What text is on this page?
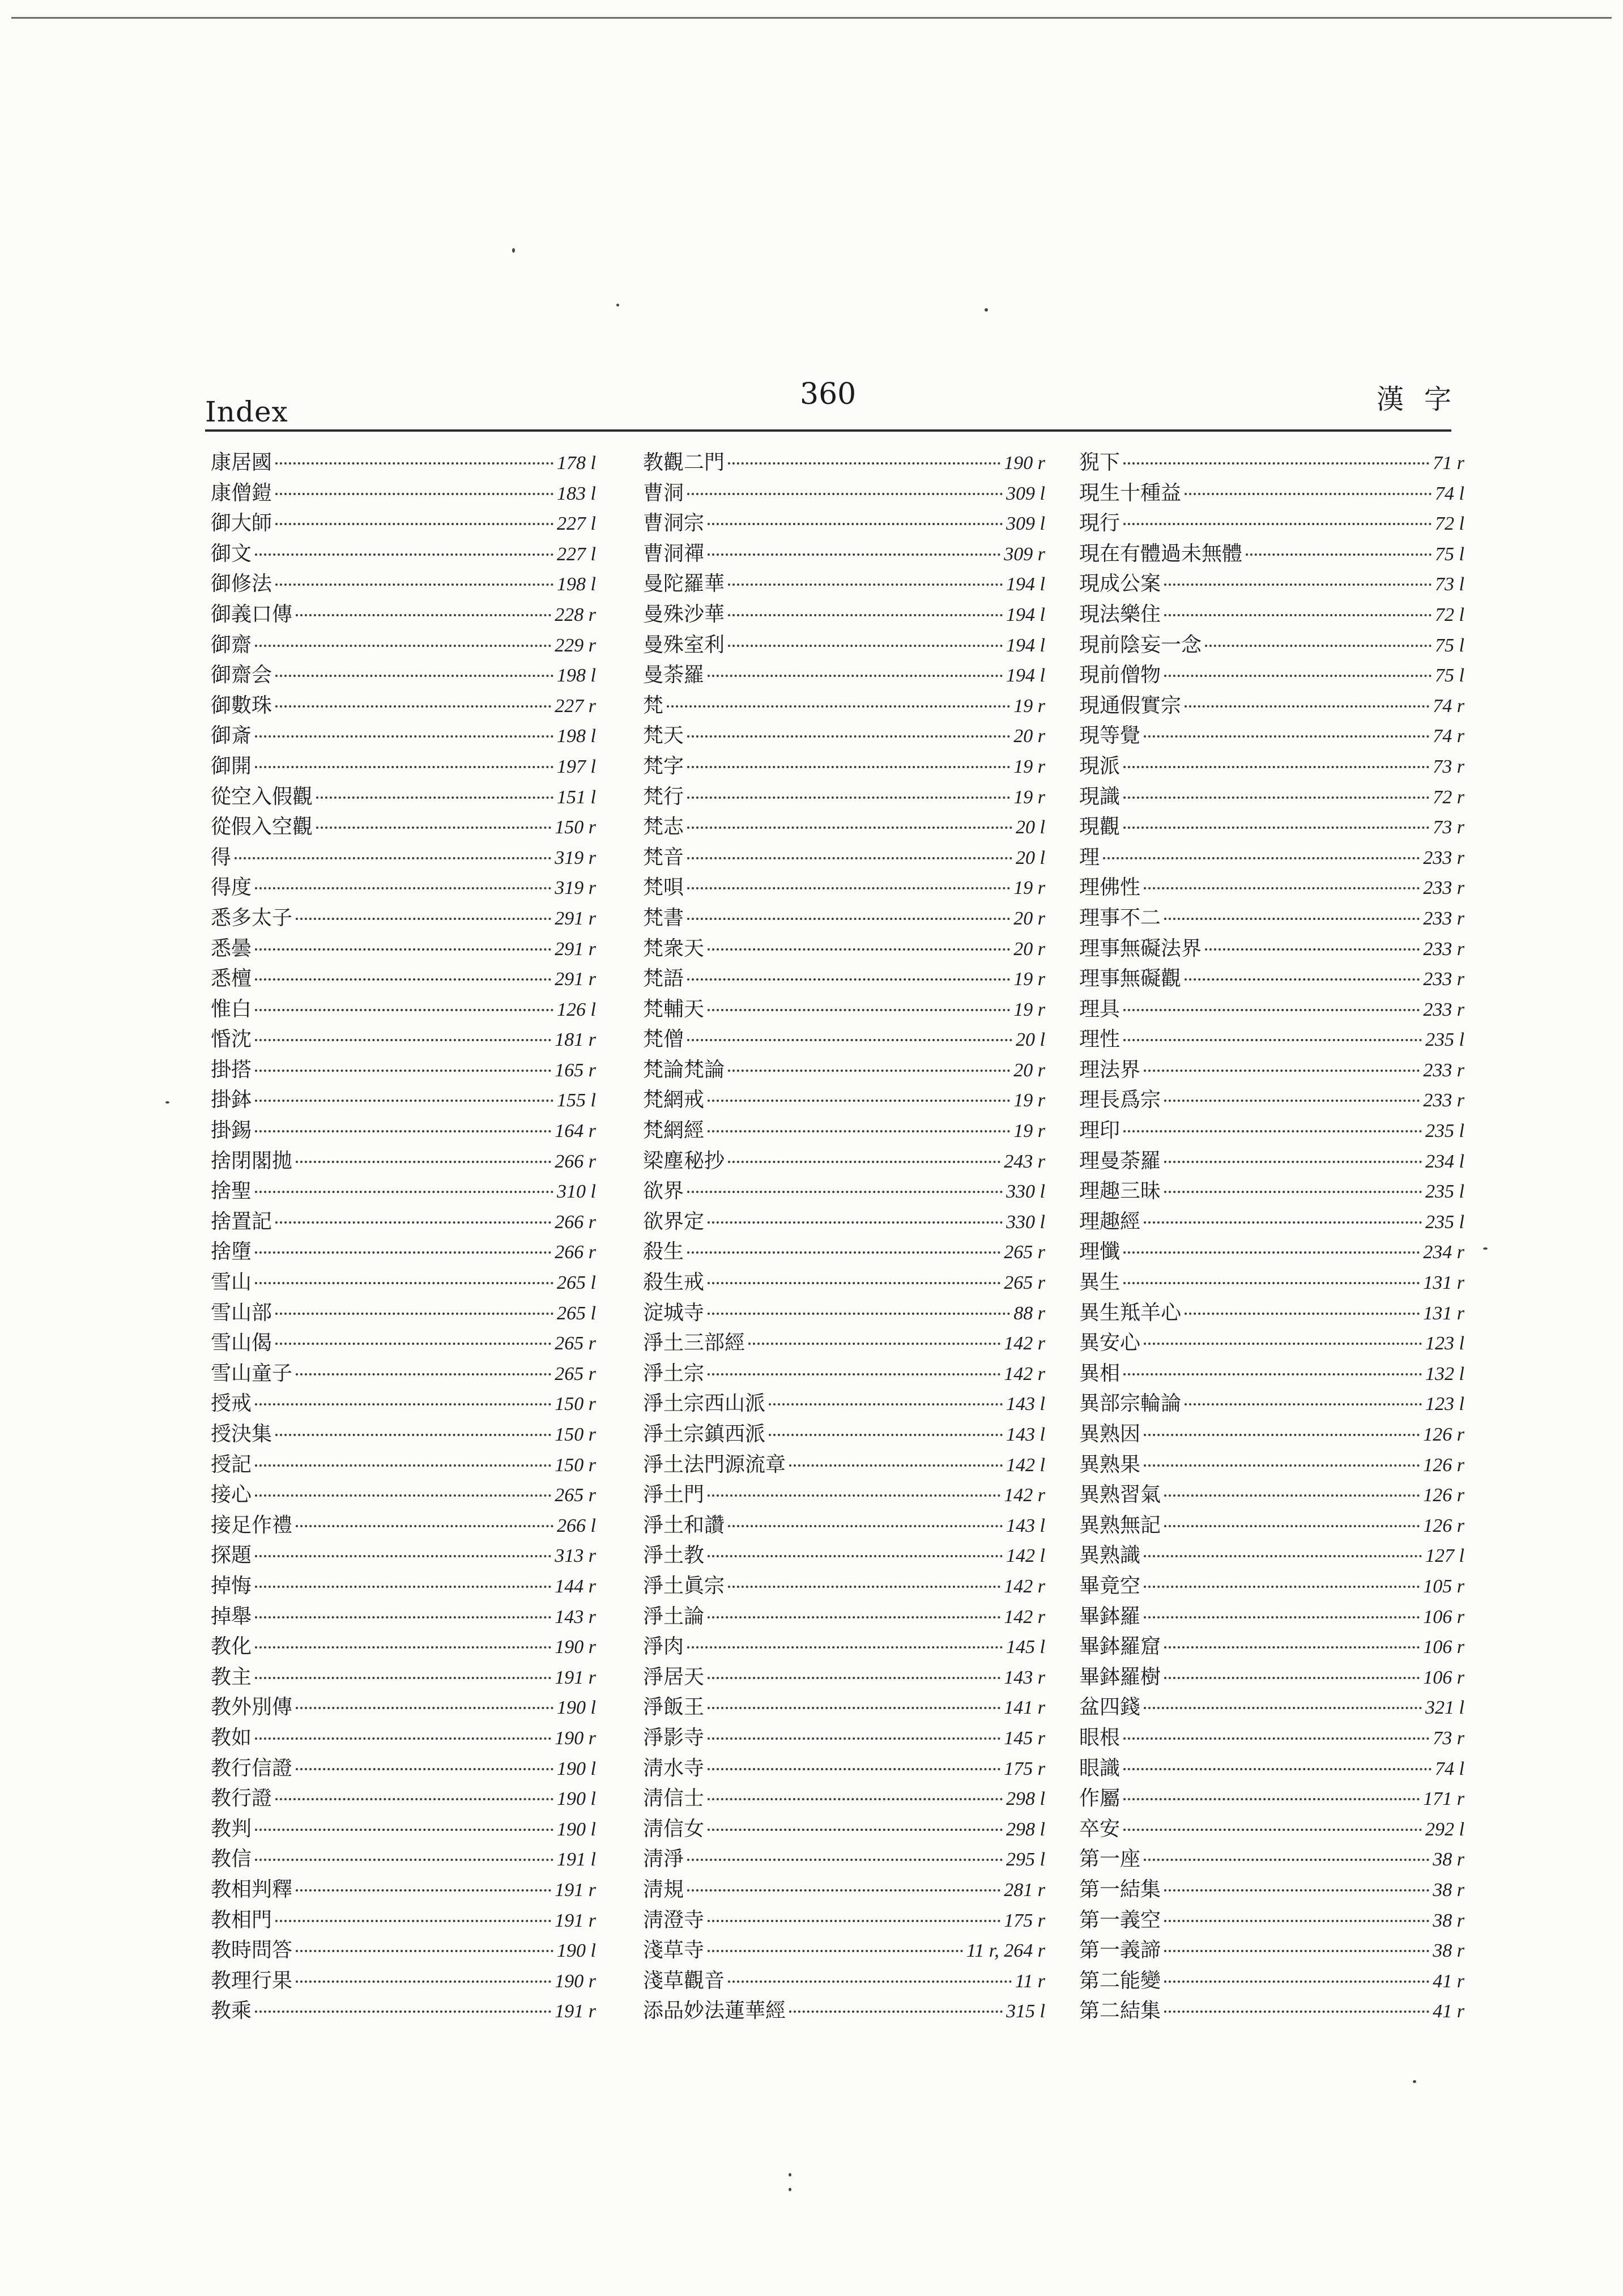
Index
360	漢字
康居國	178 l
康僧鎧	183 l
御大師	227 l
御文	227 l
御修法	198 l
御義口傳	228 r
御齋	229 r
御齋会	198 l
御數珠	227 r
御斎	198 l
御開	197 l
從空入假觀	151 l
從假入空觀	150 r
得	319 r
得度	319 r
悉多太子	291 r
悉曇	291 r
悉檀	291 r
惟白	126 l
惛沈	181 r
掛搭	165 r
掛鉢	155 l
掛錫	164 r
捨閉閣拋	266 r
捨聖	310 l
捨置記	266 r
捨墮	266 r
雪山	265 l
雪山部	265 l
雪山偈	265 r
雪山童子	265 r
授戒	150 r
授決集	150 r
授記	150 r
接心	265 r
接足作禮	266 l
探題	313 r
掉悔	144 r
掉舉	143 r
教化	190 r
教主	191 r
教外別傳	190 l
教如	190 r
教行信證	190 l
教行證	190 l
教判	190 l
教信	191 l
教相判釋	191 r
教相門	191 r
教時問答	190 l
教理行果	190 r
教乘	191 r
教觀二門	190 r
曹洞	309 l
曹洞宗	309 l
曹洞禪	309 r
曼陀羅華	194 l
曼殊沙華	194 l
曼殊室利	194 l
曼荼羅	194 l
梵	19 r
梵天	20 r
梵字	19 r
梵行	19 r
梵志	20 l
梵音	20 l
梵唄	19 r
梵書	20 r
梵衆天	20 r
梵語	19 r
梵輔天	19 r
梵僧	20 l
梵論梵論	20 r
梵網戒	19 r
梵網經	19 r
梁塵秘抄	243 r
欲界	330 l
欲界定	330 l
殺生	265 r
殺生戒	265 r
淀城寺	88 r
淨土三部經	142 r
淨土宗	142 r
淨土宗西山派	143 l
淨土宗鎮西派	143 l
淨土法門源流章	142 l
淨土門	142 r
淨土和讚	143 l
淨土教	142 l
淨土眞宗	142 r
淨土論	142 r
淨肉	145 l
淨居天	143 r
淨飯王	141 r
淨影寺	145 r
淸水寺	175 r
淸信士	298 l
淸信女	298 l
淸淨	295 l
淸規	281 r
淸澄寺	175 r
淺草寺	11 r, 264 r
淺草觀音	11 r
添品妙法蓮華經	315 l
猊下	71 r
現生十種益	74 l
現行	72 l
現在有體過未無體	75 l
現成公案	73 l
現法樂住	72 l
現前陰妄一念	75 l
現前僧物	75 l
現通假實宗	74 r
現等覺	74 r
現派	73 r
現識	72 r
現觀	73 r
理	233 r
理佛性	233 r
理事不二	233 r
理事無礙法界	233 r
理事無礙觀	233 r
理具	233 r
理性	235 l
理法界	233 r
理長爲宗	233 r
理印	235 l
理曼荼羅	234 l
理趣三昧	235 l
理趣經	235 l
理懺	234 r
異生	131 r
異生羝羊心	131 r
異安心	123 l
異相	132 l
異部宗輪論	123 l
異熟因	126 r
異熟果	126 r
異熟習氣	126 r
異熟無記	126 r
異熟識	127 l
畢竟空	105 r
畢鉢羅	106 r
畢鉢羅窟	106 r
畢鉢羅樹	106 r
盆四錢	321 l
眼根	73 r
眼識	74 l
作屬	171 r
卒安	292 l
第一座	38 r
第一結集	38 r
第一義空	38 r
第一義諦	38 r
第二能變	41 r
第二結集	41 r
